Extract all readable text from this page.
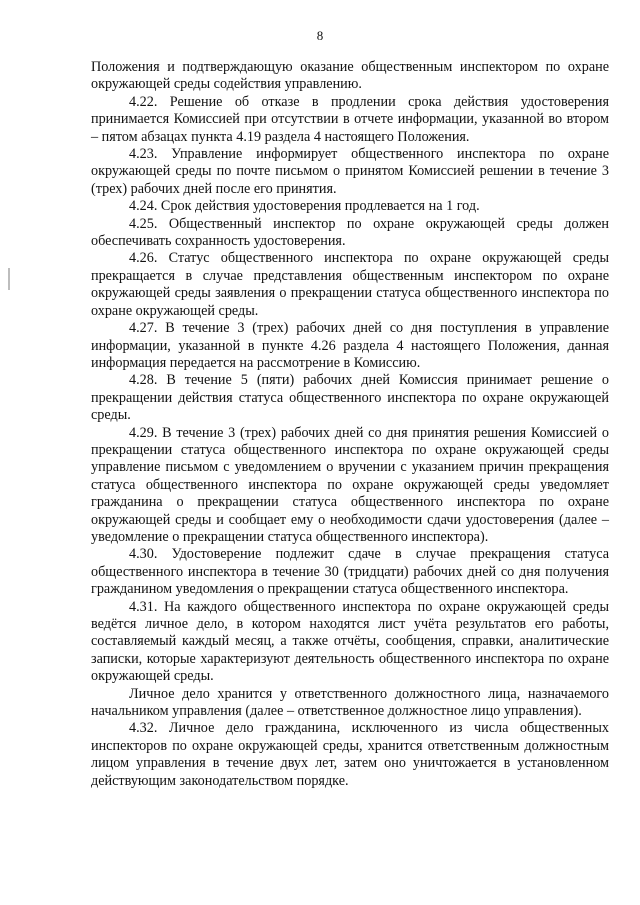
8

Положения и подтверждающую оказание общественным инспектором по охране окружающей среды содействия управлению.

4.22. Решение об отказе в продлении срока действия удостоверения принимается Комиссией при отсутствии в отчете информации, указанной во втором – пятом абзацах пункта 4.19 раздела 4 настоящего Положения.

4.23. Управление информирует общественного инспектора по охране окружающей среды по почте письмом о принятом Комиссией решении в течение 3 (трех) рабочих дней после его принятия.

4.24. Срок действия удостоверения продлевается на 1 год.

4.25. Общественный инспектор по охране окружающей среды должен обеспечивать сохранность удостоверения.

4.26. Статус общественного инспектора по охране окружающей среды прекращается в случае представления общественным инспектором по охране окружающей среды заявления о прекращении статуса общественного инспектора по охране окружающей среды.

4.27. В течение 3 (трех) рабочих дней со дня поступления в управление информации, указанной в пункте 4.26 раздела 4 настоящего Положения, данная информация передается на рассмотрение в Комиссию.

4.28. В течение 5 (пяти) рабочих дней Комиссия принимает решение о прекращении действия статуса общественного инспектора по охране окружающей среды.

4.29. В течение 3 (трех) рабочих дней со дня принятия решения Комиссией о прекращении статуса общественного инспектора по охране окружающей среды управление письмом с уведомлением о вручении с указанием причин прекращения статуса общественного инспектора по охране окружающей среды уведомляет гражданина о прекращении статуса общественного инспектора по охране окружающей среды и сообщает ему о необходимости сдачи удостоверения (далее – уведомление о прекращении статуса общественного инспектора).

4.30. Удостоверение подлежит сдаче в случае прекращения статуса общественного инспектора в течение 30 (тридцати) рабочих дней со дня получения гражданином уведомления о прекращении статуса общественного инспектора.

4.31. На каждого общественного инспектора по охране окружающей среды ведётся личное дело, в котором находятся лист учёта результатов его работы, составляемый каждый месяц, а также отчёты, сообщения, справки, аналитические записки, которые характеризуют деятельность общественного инспектора по охране окружающей среды.

Личное дело хранится у ответственного должностного лица, назначаемого начальником управления (далее – ответственное должностное лицо управления).

4.32. Личное дело гражданина, исключенного из числа общественных инспекторов по охране окружающей среды, хранится ответственным должностным лицом управления в течение двух лет, затем оно уничтожается в установленном действующим законодательством порядке.
